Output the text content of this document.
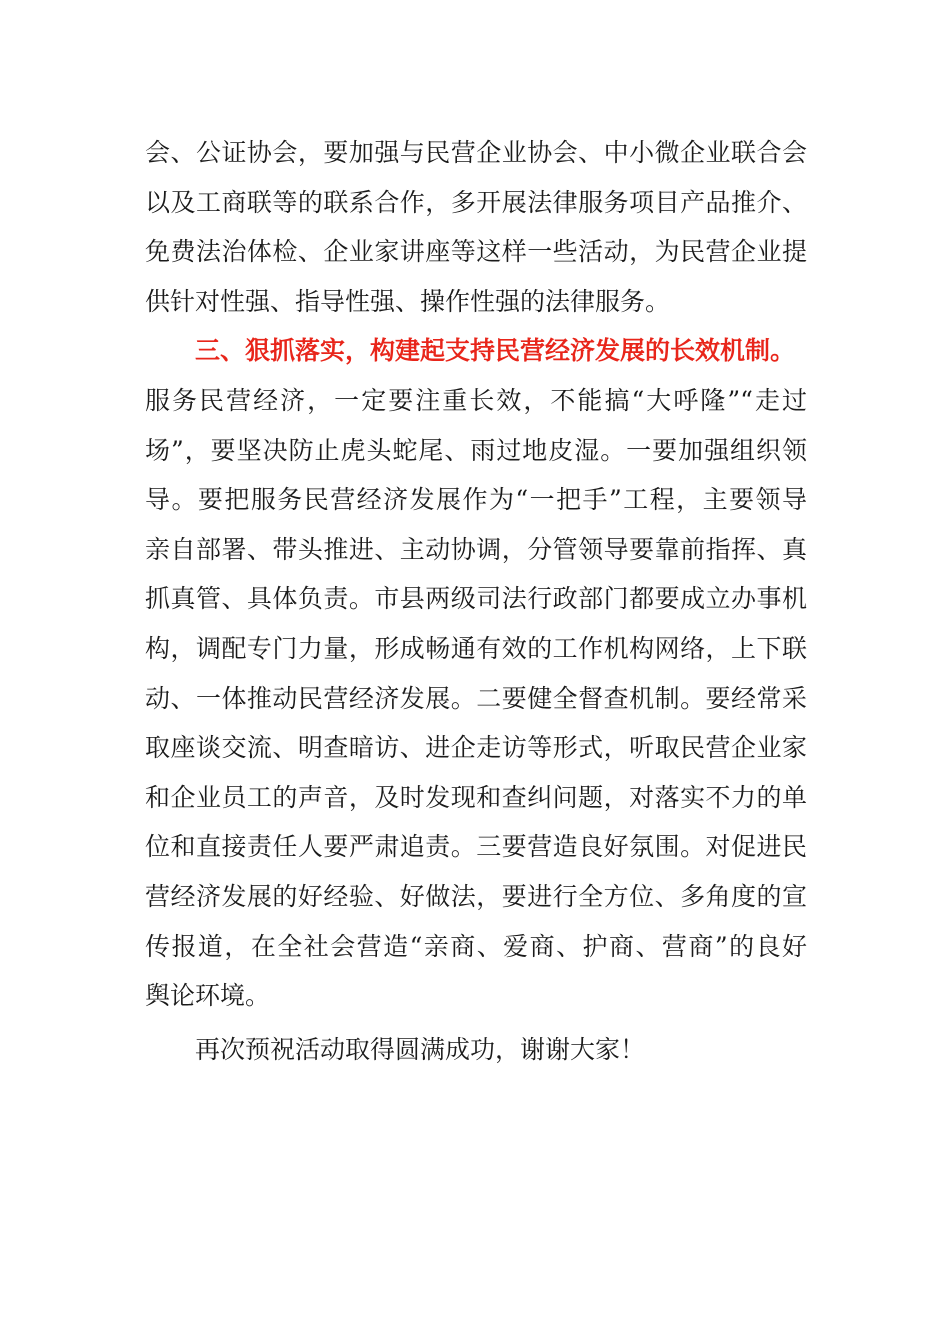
会、公证协会，要加强与民营企业协会、中小微企业联合会
以及工商联等的联系合作，多开展法律服务项目产品推介、
免费法治体检、企业家讲座等这样一些活动，为民营企业提
供针对性强、指导性强、操作性强的法律服务。
三、狠抓落实，构建起支持民营经济发展的长效机制。
服务民营经济，一定要注重长效，不能搞“大呼隆”“走过
场”，要坚决防止虎头蛇尾、雨过地皮湿。一要加强组织领
导。要把服务民营经济发展作为“一把手”工程，主要领导
亲自部署、带头推进、主动协调，分管领导要靠前指挥、真
抓真管、具体负责。市县两级司法行政部门都要成立办事机
构，调配专门力量，形成畅通有效的工作机构网络，上下联
动、一体推动民营经济发展。二要健全督查机制。要经常采
取座谈交流、明查暗访、进企走访等形式，听取民营企业家
和企业员工的声音，及时发现和查纠问题，对落实不力的单
位和直接责任人要严肃追责。三要营造良好氛围。对促进民
营经济发展的好经验、好做法，要进行全方位、多角度的宣
传报道，在全社会营造“亲商、爱商、护商、营商”的良好
舆论环境。
再次预祝活动取得圆满成功，谢谢大家！
